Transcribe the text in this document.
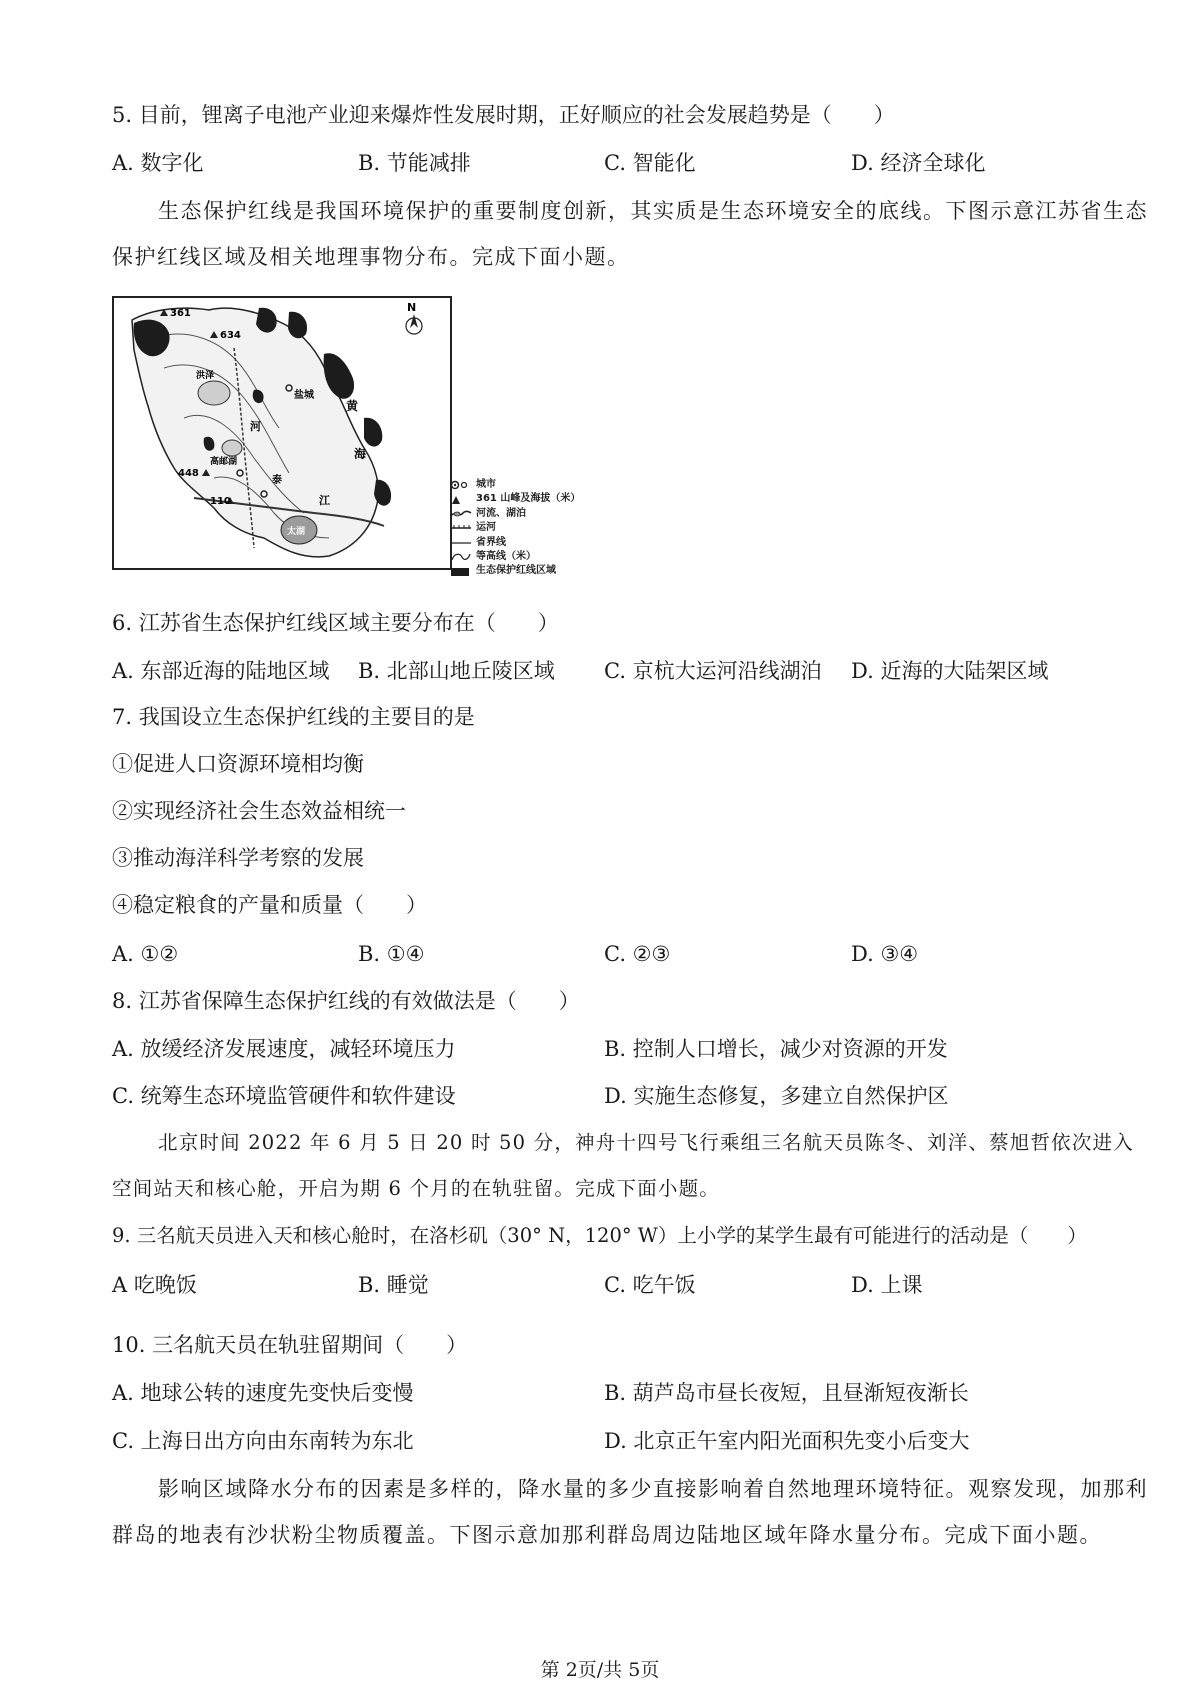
5. 目前，锂离子电池产业迎来爆炸性发展时期，正好顺应的社会发展趋势是（　　）
A. 数字化	B. 节能减排	C. 智能化	D. 经济全球化
生态保护红线是我国环境保护的重要制度创新，其实质是生态环境安全的底线。下图示意江苏省生态
保护红线区域及相关地理事物分布。完成下面小题。
N
361
634
黄
海
盐城
江
太湖
448
110
河
泰
洪泽
高邮湖
城市
361 山峰及海拔（米）
河流、湖泊
运河
省界线
等高线（米）
生态保护红线区域
6. 江苏省生态保护红线区域主要分布在（　　）
A. 东部近海的陆地区域 B. 北部山地丘陵区域 C. 京杭大运河沿线湖泊 D. 近海的大陆架区域
7. 我国设立生态保护红线的主要目的是
①促进人口资源环境相均衡
②实现经济社会生态效益相统一
③推动海洋科学考察的发展
④稳定粮食的产量和质量（　　）
A. ①②	B. ①④	C. ②③	D. ③④
8. 江苏省保障生态保护红线的有效做法是（　　）
A. 放缓经济发展速度，减轻环境压力	B. 控制人口增长，减少对资源的开发
C. 统筹生态环境监管硬件和软件建设	D. 实施生态修复，多建立自然保护区
北京时间 2022 年 6 月 5 日 20 时 50 分，神舟十四号飞行乘组三名航天员陈冬、刘洋、蔡旭哲依次进入
空间站天和核心舱，开启为期 6 个月的在轨驻留。完成下面小题。
9. 三名航天员进入天和核心舱时，在洛杉矶（30° N，120° W）上小学的某学生最有可能进行的活动是（　　）
A 吃晚饭	B. 睡觉	C. 吃午饭	D. 上课
10. 三名航天员在轨驻留期间（　　）
A. 地球公转的速度先变快后变慢	B. 葫芦岛市昼长夜短，且昼渐短夜渐长
C. 上海日出方向由东南转为东北	D. 北京正午室内阳光面积先变小后变大
影响区域降水分布的因素是多样的，降水量的多少直接影响着自然地理环境特征。观察发现，加那利
群岛的地表有沙状粉尘物质覆盖。下图示意加那利群岛周边陆地区域年降水量分布。完成下面小题。
第 2页/共 5页
